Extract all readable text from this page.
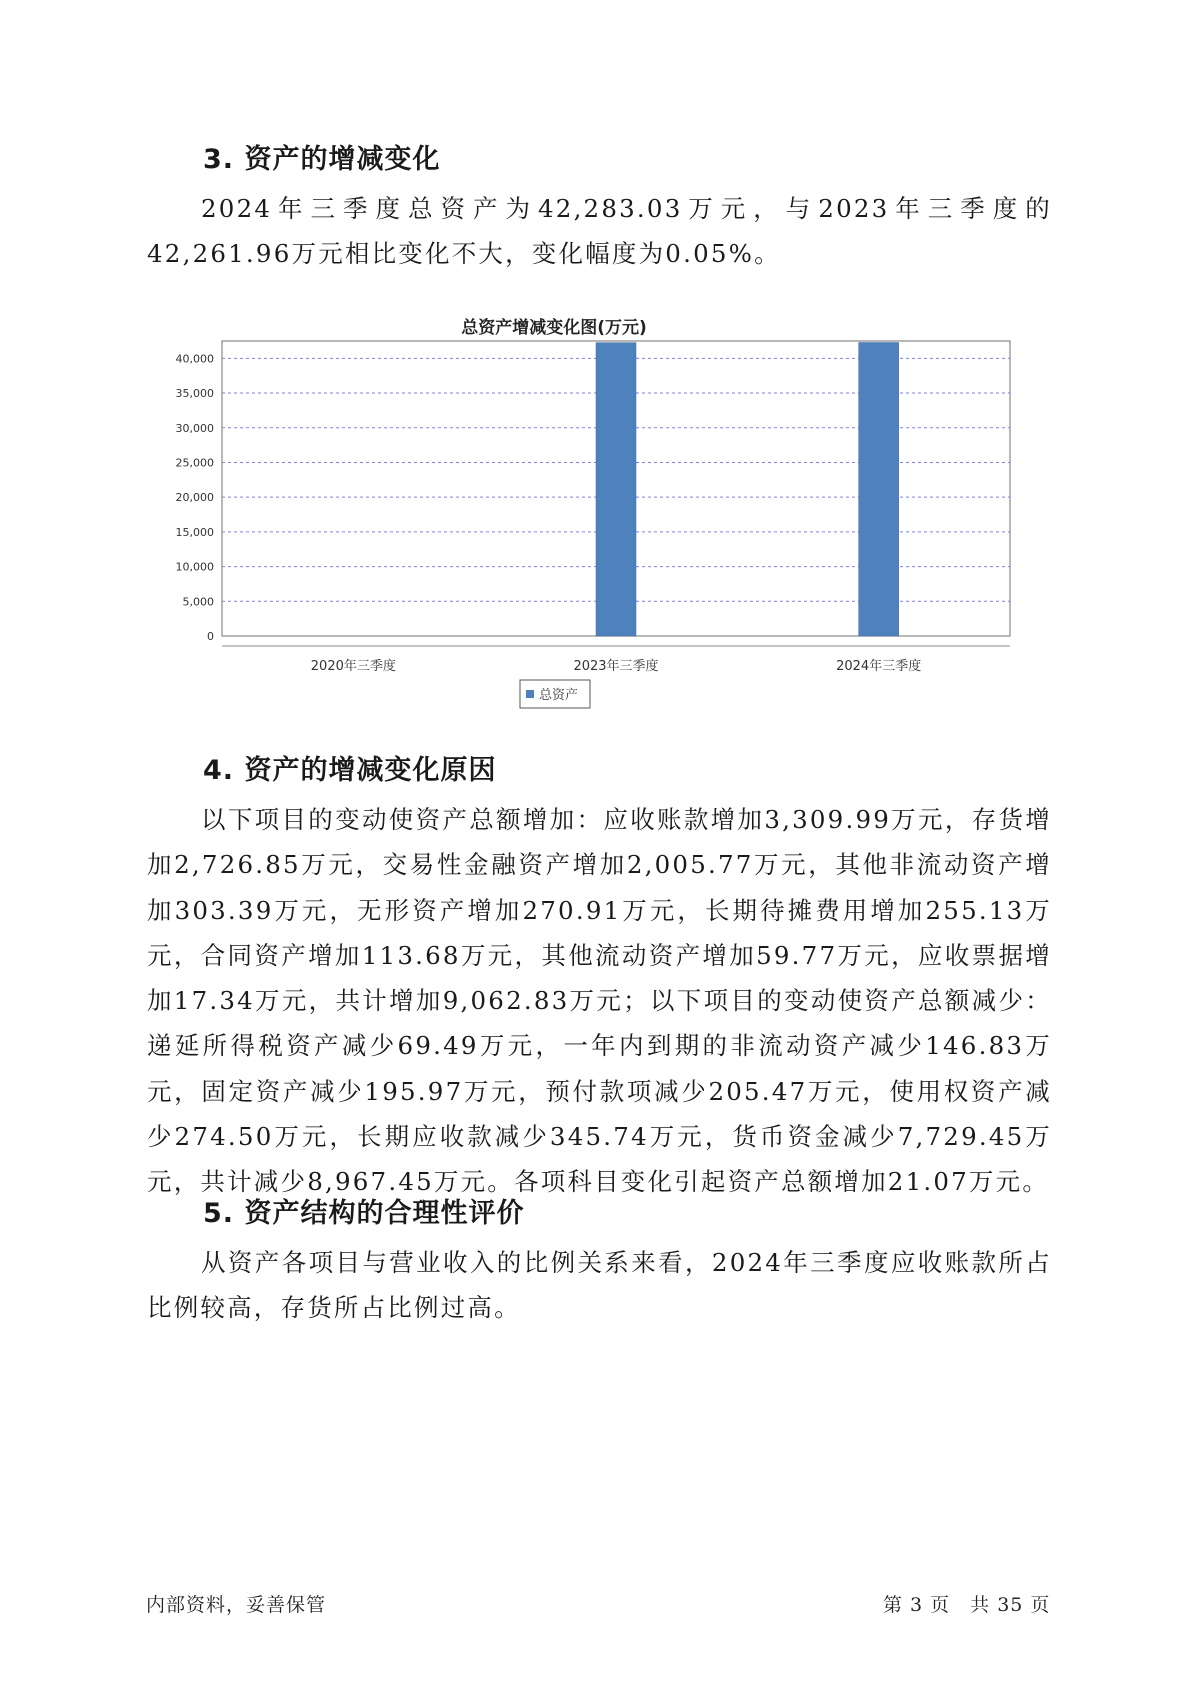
3. 资产的增减变化

2024年三季度总资产为42,283.03万元，与2023年三季度的42,261.96万元相比变化不大，变化幅度为0.05%。

总资产增减变化图(万元)
0
5,000
10,000
15,000
20,000
25,000
30,000
35,000
40,000
2020年三季度	2023年三季度	2024年三季度
总资产
4. 资产的增减变化原因

以下项目的变动使资产总额增加：应收账款增加3,309.99万元，存货增加2,726.85万元，交易性金融资产增加2,005.77万元，其他非流动资产增加303.39万元，无形资产增加270.91万元，长期待摊费用增加255.13万元，合同资产增加113.68万元，其他流动资产增加59.77万元，应收票据增加17.34万元，共计增加9,062.83万元；以下项目的变动使资产总额减少：递延所得税资产减少69.49万元，一年内到期的非流动资产减少146.83万元，固定资产减少195.97万元，预付款项减少205.47万元，使用权资产减少274.50万元，长期应收款减少345.74万元，货币资金减少7,729.45万元，共计减少8,967.45万元。各项科目变化引起资产总额增加21.07万元。

5. 资产结构的合理性评价

从资产各项目与营业收入的比例关系来看，2024年三季度应收账款所占比例较高，存货所占比例过高。

内部资料，妥善保管	第 3 页　共 35 页
